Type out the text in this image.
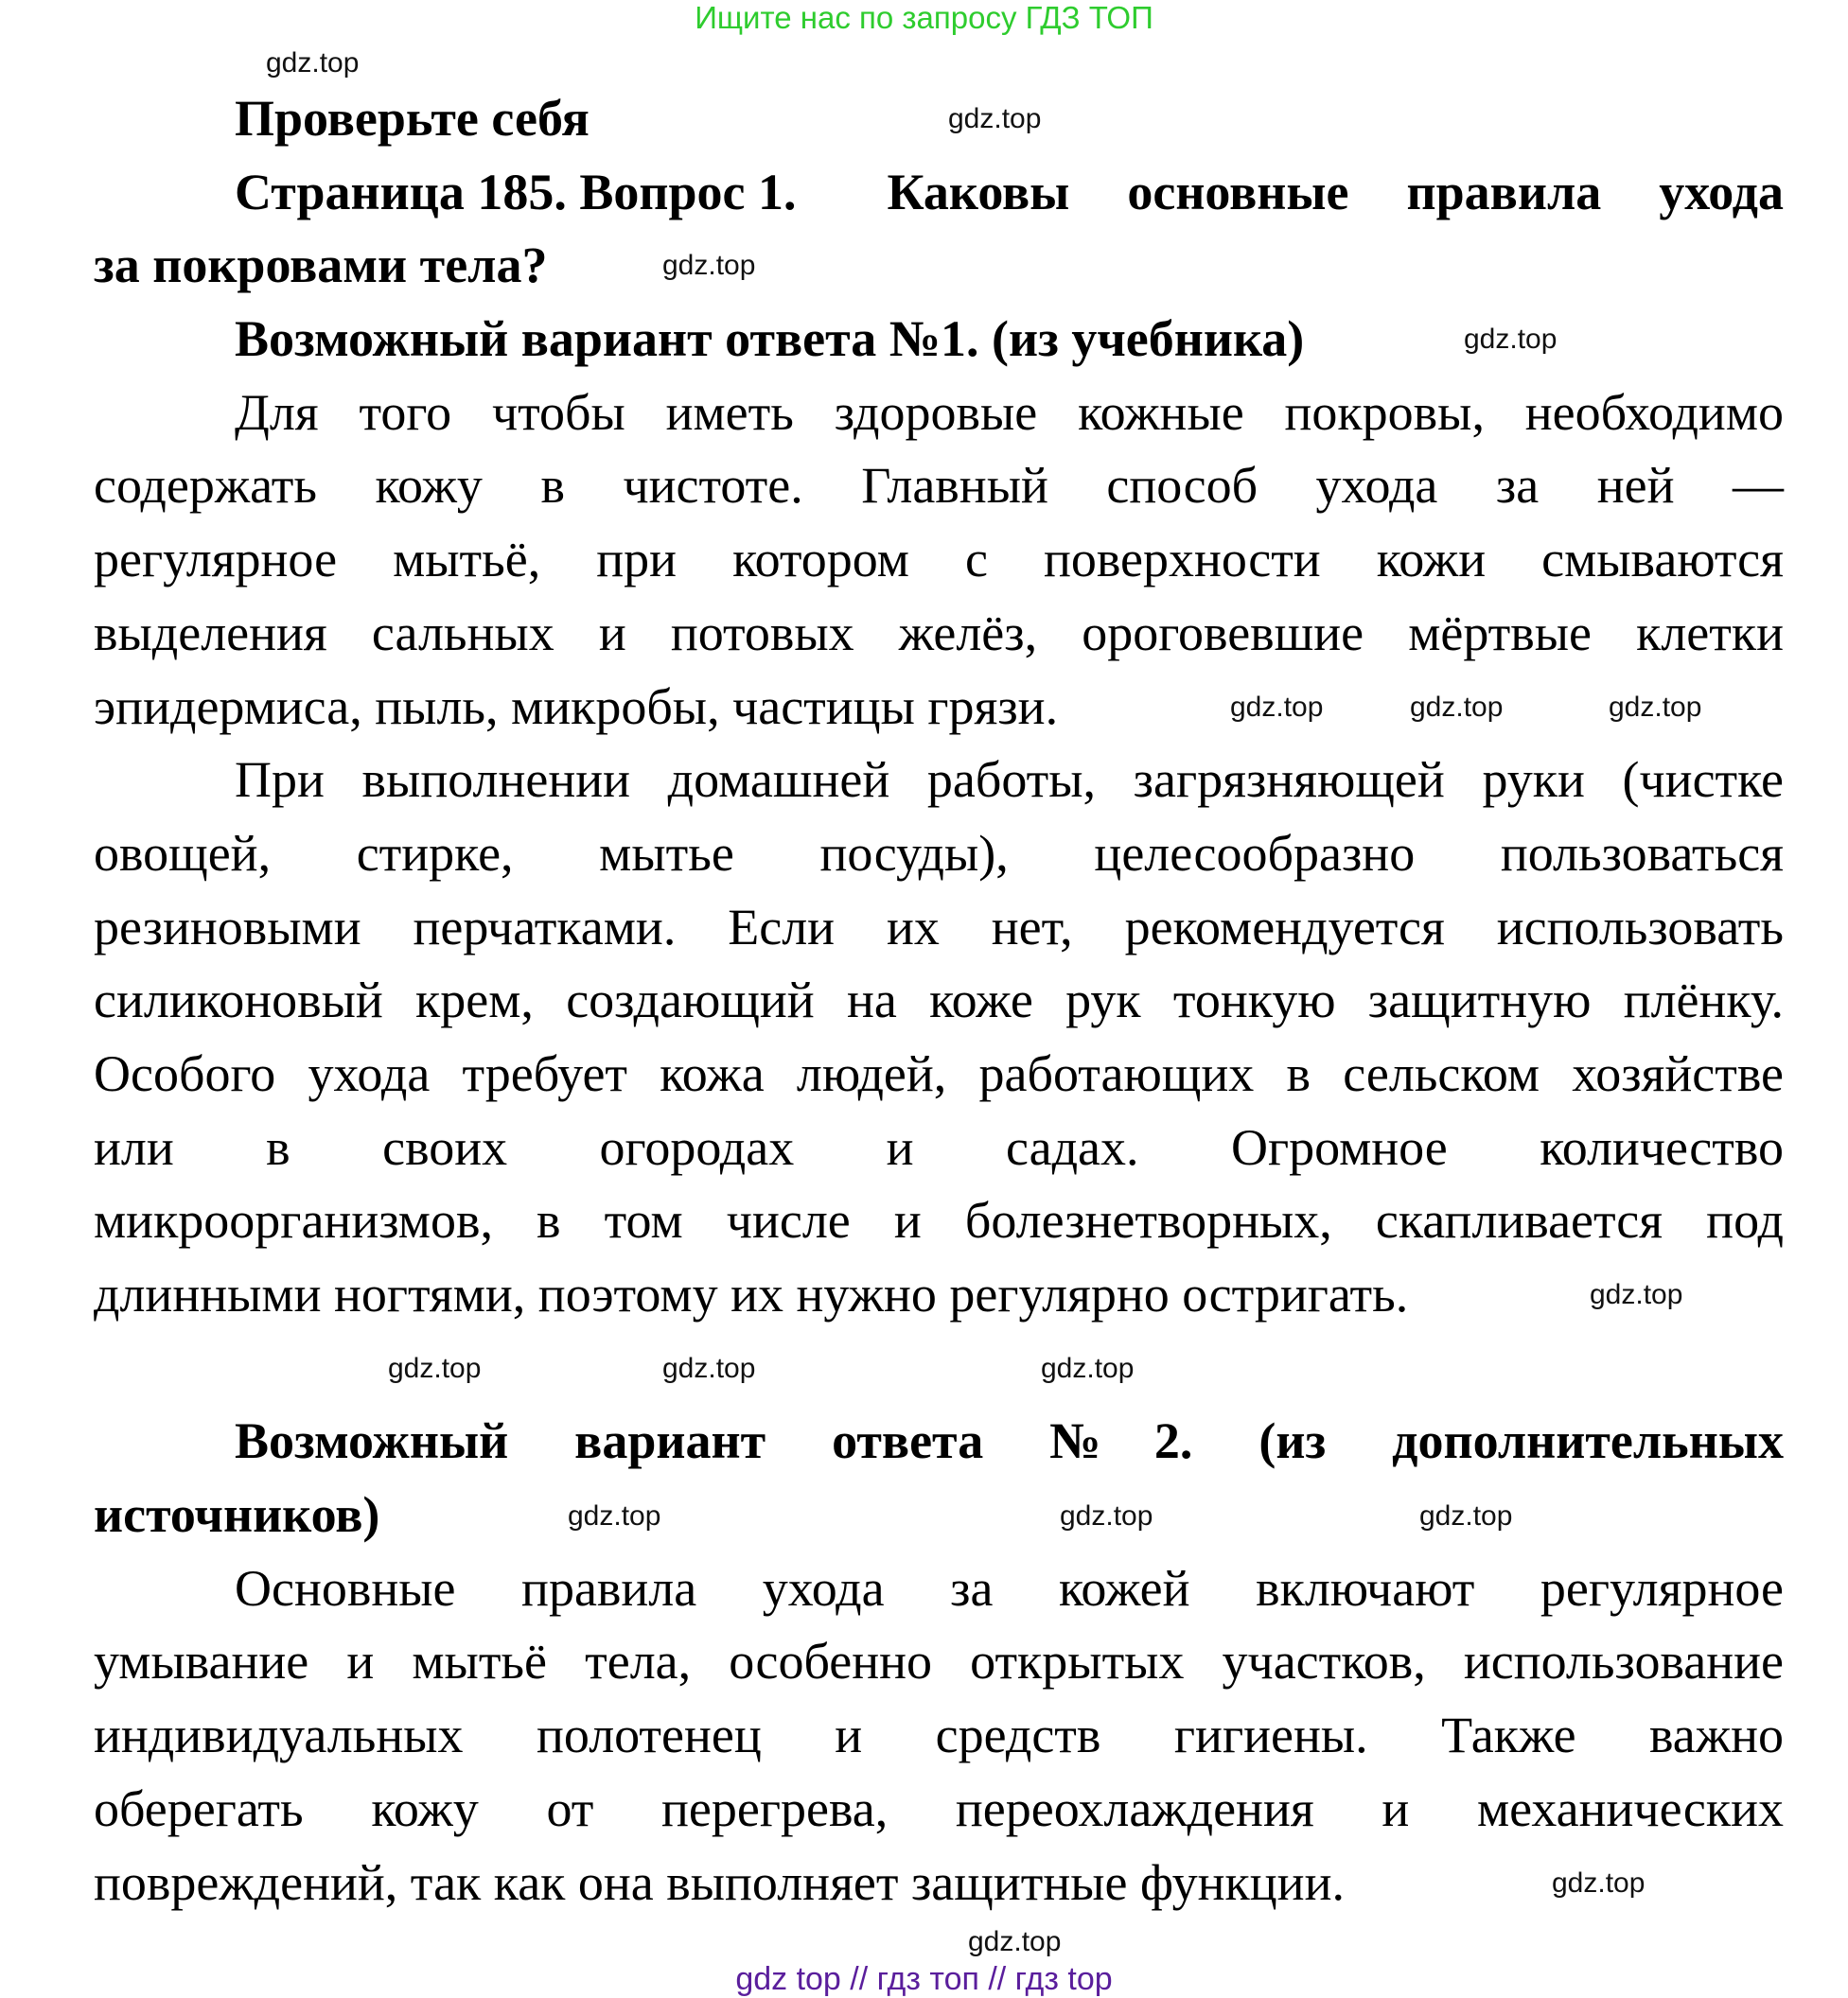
Ищите нас по запросу ГДЗ ТОП
Проверьте себя
Страница 185. Вопрос 1. Каковы основные правила ухода
за покровами тела?
Возможный вариант ответа №1. (из учебника)
Для того чтобы иметь здоровые кожные покровы, необходимо
содержать кожу в чистоте. Главный способ ухода за ней —
регулярное мытьё, при котором с поверхности кожи смываются
выделения сальных и потовых желёз, ороговевшие мёртвые клетки
эпидермиса, пыль, микробы, частицы грязи.
При выполнении домашней работы, загрязняющей руки (чистке
овощей, стирке, мытье посуды), целесообразно пользоваться
резиновыми перчатками. Если их нет, рекомендуется использовать
силиконовый крем, создающий на коже рук тонкую защитную плёнку.
Особого ухода требует кожа людей, работающих в сельском хозяйстве
или в своих огородах и садах. Огромное количество
микроорганизмов, в том числе и болезнетворных, скапливается под
длинными ногтями, поэтому их нужно регулярно остригать.
Возможный вариант ответа №2. (из дополнительных
источников)
Основные правила ухода за кожей включают регулярное
умывание и мытьё тела, особенно открытых участков, использование
индивидуальных полотенец и средств гигиены. Также важно
оберегать кожу от перегрева, переохлаждения и механических
повреждений, так как она выполняет защитные функции.
gdz.top
gdz.top
gdz.top
gdz.top
gdz.top	gdz.top	gdz.top
gdz.top
gdz.top
gdz.top
gdz.top
gdz.top
gdz.top	gdz.top
gdz.top
gdz.top
gdz top // гдз топ // гдз top
